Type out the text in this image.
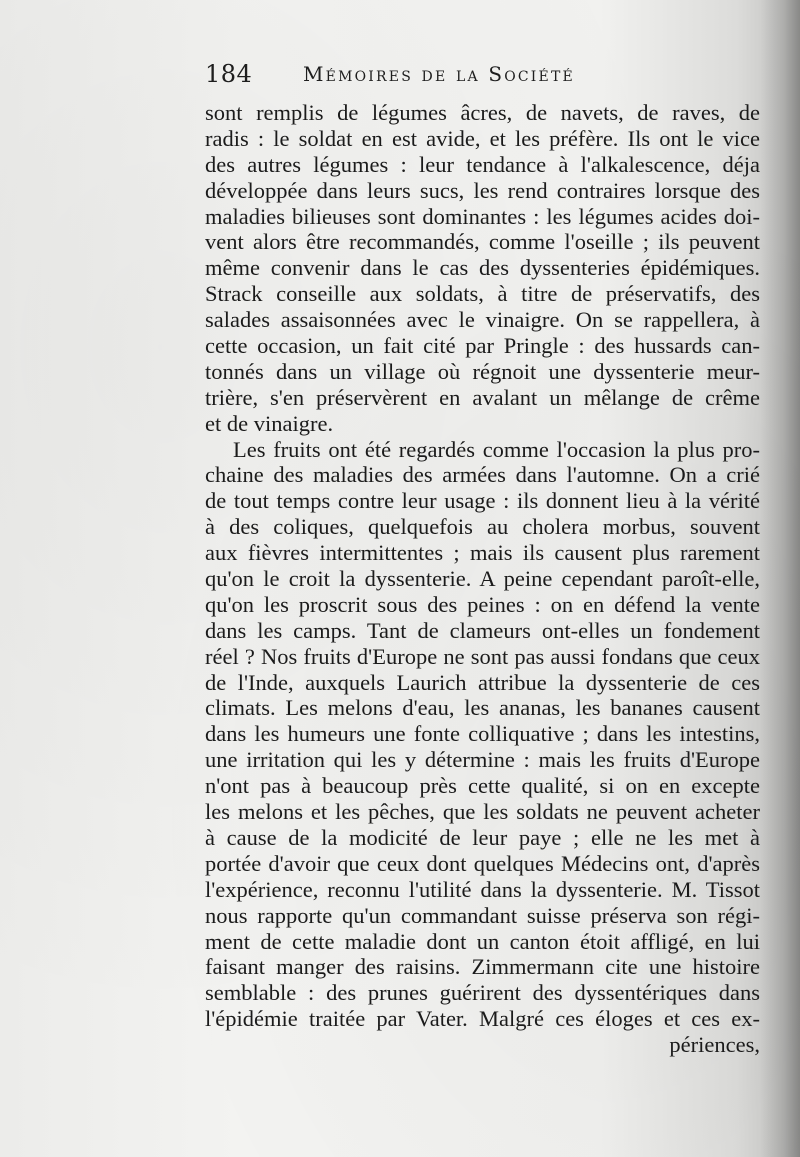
184	Mémoires de la Société
sont remplis de légumes âcres, de navets, de raves, de
radis : le soldat en est avide, et les préfère. Ils ont le vice
des autres légumes : leur tendance à l'alkalescence, déja
développée dans leurs sucs, les rend contraires lorsque des
maladies bilieuses sont dominantes : les légumes acides doi-
vent alors être recommandés, comme l'oseille ; ils peuvent
même convenir dans le cas des dyssenteries épidémiques.
Strack conseille aux soldats, à titre de préservatifs, des
salades assaisonnées avec le vinaigre. On se rappellera, à
cette occasion, un fait cité par Pringle : des hussards can-
tonnés dans un village où régnoit une dyssenterie meur-
trière, s'en préservèrent en avalant un mêlange de crême
et de vinaigre.
Les fruits ont été regardés comme l'occasion la plus pro-
chaine des maladies des armées dans l'automne. On a crié
de tout temps contre leur usage : ils donnent lieu à la vérité
à des coliques, quelquefois au cholera morbus, souvent
aux fièvres intermittentes ; mais ils causent plus rarement
qu'on le croit la dyssenterie. A peine cependant paroît-elle,
qu'on les proscrit sous des peines : on en défend la vente
dans les camps. Tant de clameurs ont-elles un fondement
réel ? Nos fruits d'Europe ne sont pas aussi fondans que ceux
de l'Inde, auxquels Laurich attribue la dyssenterie de ces
climats. Les melons d'eau, les ananas, les bananes causent
dans les humeurs une fonte colliquative ; dans les intestins,
une irritation qui les y détermine : mais les fruits d'Europe
n'ont pas à beaucoup près cette qualité, si on en excepte
les melons et les pêches, que les soldats ne peuvent acheter
à cause de la modicité de leur paye ; elle ne les met à
portée d'avoir que ceux dont quelques Médecins ont, d'après
l'expérience, reconnu l'utilité dans la dyssenterie. M. Tissot
nous rapporte qu'un commandant suisse préserva son régi-
ment de cette maladie dont un canton étoit affligé, en lui
faisant manger des raisins. Zimmermann cite une histoire
semblable : des prunes guérirent des dyssentériques dans
l'épidémie traitée par Vater. Malgré ces éloges et ces ex-
périences,
